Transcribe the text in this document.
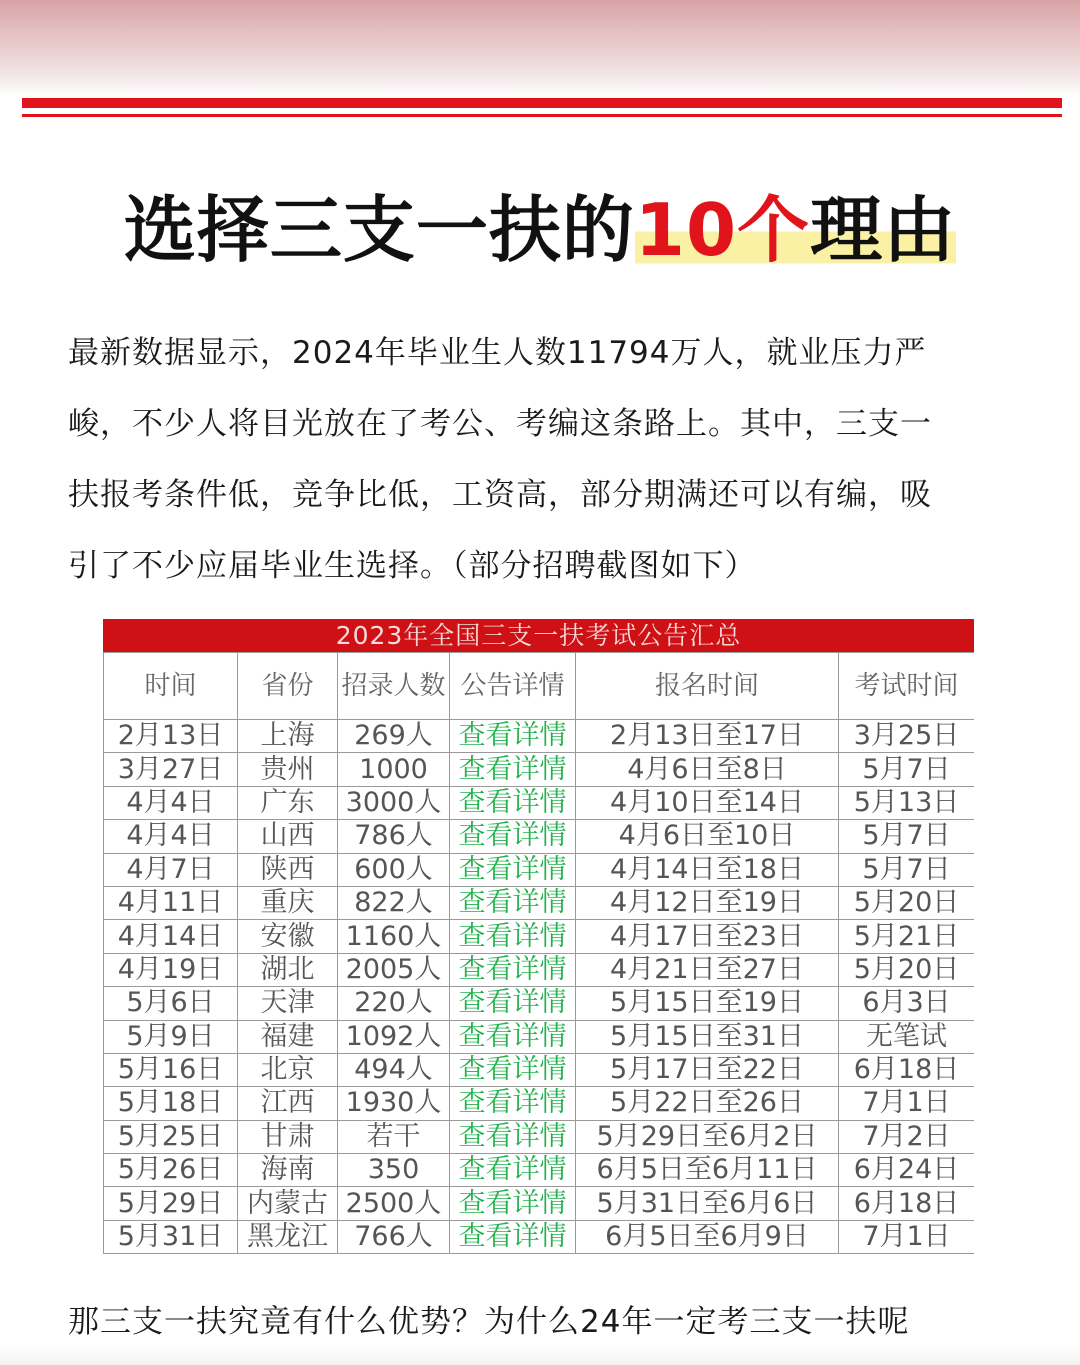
选择三支一扶的10个理由
最新数据显示，2024年毕业生人数11794万人，就业压力严
峻，不少人将目光放在了考公、考编这条路上。其中，三支一
扶报考条件低，竞争比低，工资高，部分期满还可以有编，吸
引了不少应届毕业生选择。（部分招聘截图如下）
2023年全国三支一扶考试公告汇总
时间	省份	招录人数	公告详情	报名时间	考试时间
2月13日	上海	269人	查看详情	2月13日至17日	3月25日
3月27日	贵州	1000	查看详情	4月6日至8日	5月7日
4月4日	广东	3000人	查看详情	4月10日至14日	5月13日
4月4日	山西	786人	查看详情	4月6日至10日	5月7日
4月7日	陕西	600人	查看详情	4月14日至18日	5月7日
4月11日	重庆	822人	查看详情	4月12日至19日	5月20日
4月14日	安徽	1160人	查看详情	4月17日至23日	5月21日
4月19日	湖北	2005人	查看详情	4月21日至27日	5月20日
5月6日	天津	220人	查看详情	5月15日至19日	6月3日
5月9日	福建	1092人	查看详情	5月15日至31日	无笔试
5月16日	北京	494人	查看详情	5月17日至22日	6月18日
5月18日	江西	1930人	查看详情	5月22日至26日	7月1日
5月25日	甘肃	若干	查看详情	5月29日至6月2日	7月2日
5月26日	海南	350	查看详情	6月5日至6月11日	6月24日
5月29日	内蒙古	2500人	查看详情	5月31日至6月6日	6月18日
5月31日	黑龙江	766人	查看详情	6月5日至6月9日	7月1日
那三支一扶究竟有什么优势？为什么24年一定考三支一扶呢
